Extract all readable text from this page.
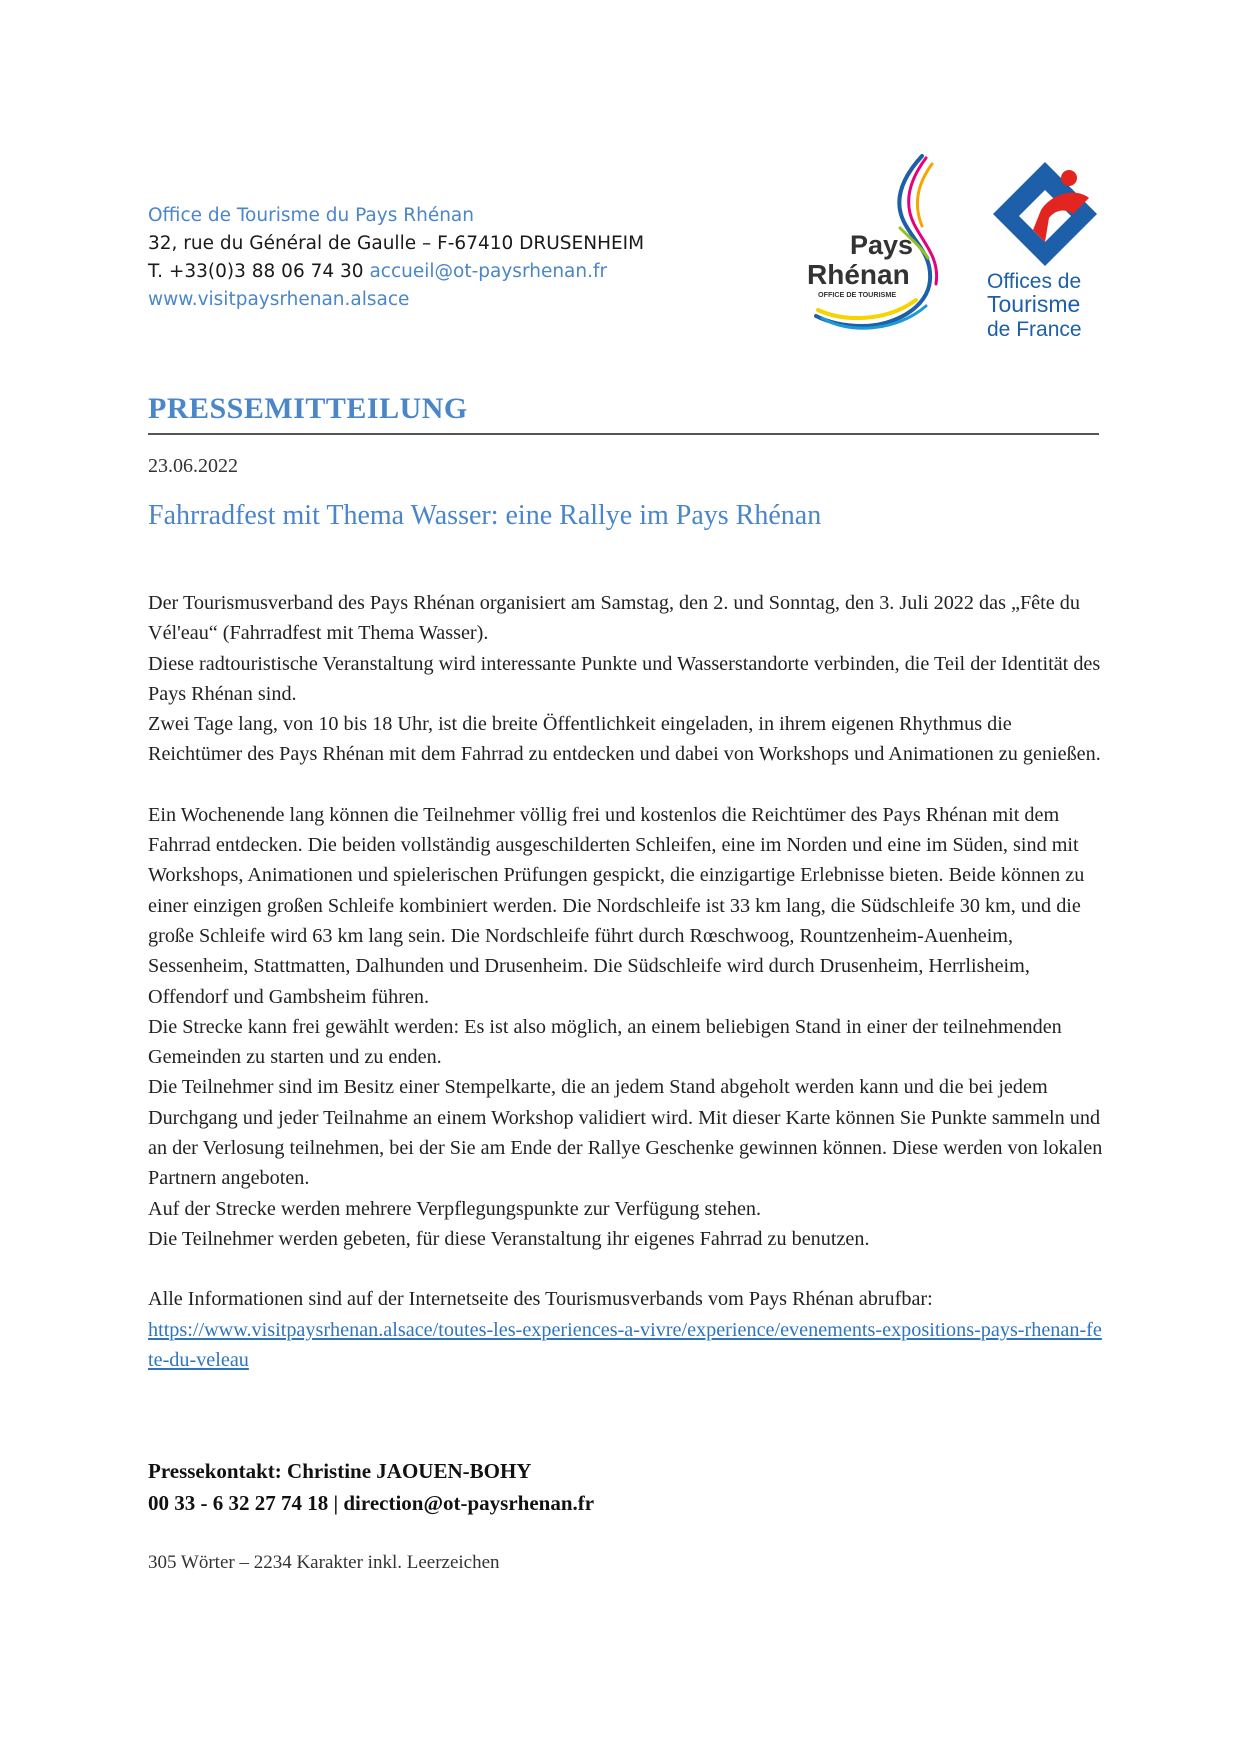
Office de Tourisme du Pays Rhénan
32, rue du Général de Gaulle – F-67410 DRUSENHEIM
T. +33(0)3 88 06 74 30 accueil@ot-paysrhenan.fr
www.visitpaysrhenan.alsace
Pays
Rhénan
OFFICE DE TOURISME
Offices de
Tourisme
de France
PRESSEMITTEILUNG
23.06.2022
Fahrradfest mit Thema Wasser: eine Rallye im Pays Rhénan

Der Tourismusverband des Pays Rhénan organisiert am Samstag, den 2. und Sonntag, den 3. Juli 2022 das „Fête du Vél'eau“ (Fahrradfest mit Thema Wasser).

Diese radtouristische Veranstaltung wird interessante Punkte und Wasserstandorte verbinden, die Teil der Identität des Pays Rhénan sind.

Zwei Tage lang, von 10 bis 18 Uhr, ist die breite Öffentlichkeit eingeladen, in ihrem eigenen Rhythmus die Reichtümer des Pays Rhénan mit dem Fahrrad zu entdecken und dabei von Workshops und Animationen zu genießen.

Ein Wochenende lang können die Teilnehmer völlig frei und kostenlos die Reichtümer des Pays Rhénan mit dem Fahrrad entdecken. Die beiden vollständig ausgeschilderten Schleifen, eine im Norden und eine im Süden, sind mit Workshops, Animationen und spielerischen Prüfungen gespickt, die einzigartige Erlebnisse bieten. Beide können zu einer einzigen großen Schleife kombiniert werden. Die Nordschleife ist 33 km lang, die Südschleife 30 km, und die große Schleife wird 63 km lang sein. Die Nordschleife führt durch Rœschwoog, Rountzenheim-Auenheim, Sessenheim, Stattmatten, Dalhunden und Drusenheim. Die Südschleife wird durch Drusenheim, Herrlisheim, Offendorf und Gambsheim führen.

Die Strecke kann frei gewählt werden: Es ist also möglich, an einem beliebigen Stand in einer der teilnehmenden Gemeinden zu starten und zu enden.

Die Teilnehmer sind im Besitz einer Stempelkarte, die an jedem Stand abgeholt werden kann und die bei jedem Durchgang und jeder Teilnahme an einem Workshop validiert wird. Mit dieser Karte können Sie Punkte sammeln und an der Verlosung teilnehmen, bei der Sie am Ende der Rallye Geschenke gewinnen können. Diese werden von lokalen Partnern angeboten.

Auf der Strecke werden mehrere Verpflegungspunkte zur Verfügung stehen.

Die Teilnehmer werden gebeten, für diese Veranstaltung ihr eigenes Fahrrad zu benutzen.

Alle Informationen sind auf der Internetseite des Tourismusverbands vom Pays Rhénan abrufbar:

https://www.visitpaysrhenan.alsace/toutes-les-experiences-a-vivre/experience/evenements-expositions-pays-rhenan-fete-du-veleau

Pressekontakt: Christine JAOUEN-BOHY
00 33 - 6 32 27 74 18 | direction@ot-paysrhenan.fr
305 Wörter – 2234 Karakter inkl. Leerzeichen
